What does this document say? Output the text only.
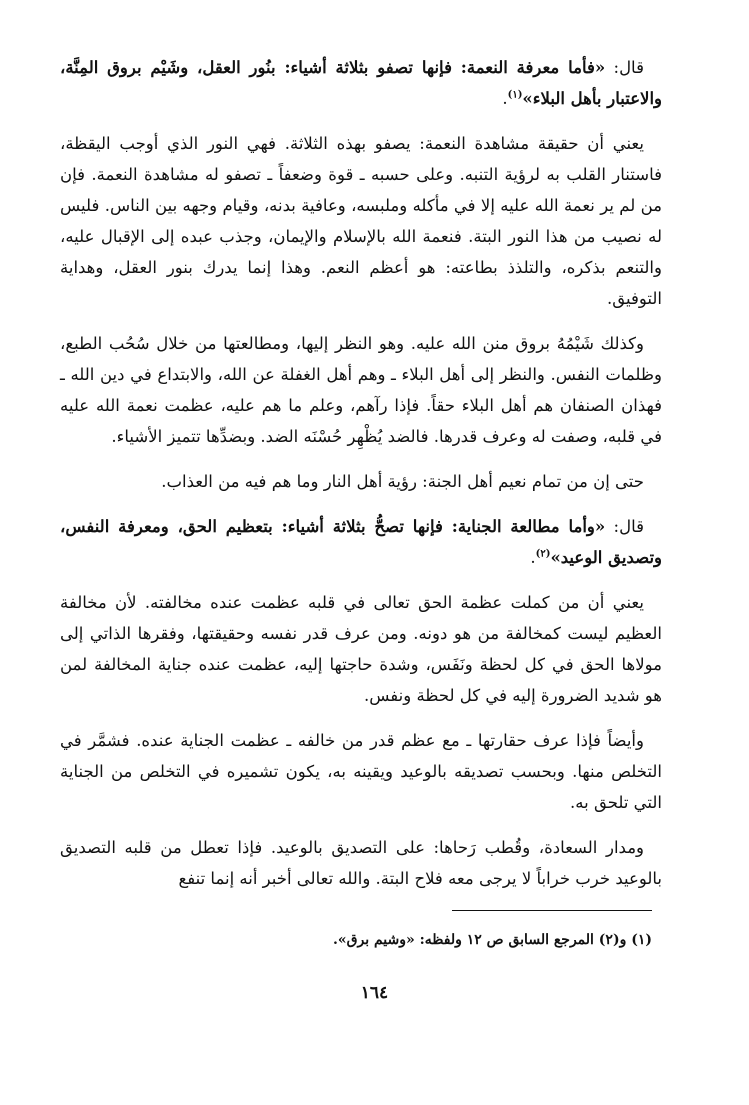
قال: «فأما معرفة النعمة: فإنها تصفو بثلاثة أشياء: بنُور العقل، وشَيْم بروق المِنَّة، والاعتبار بأهل البلاء»$^{(١)}$.

يعني أن حقيقة مشاهدة النعمة: يصفو بهذه الثلاثة. فهي النور الذي أوجب اليقظة، فاستنار القلب به لرؤية التنبه. وعلى حسبه ـ قوة وضعفاً ـ تصفو له مشاهدة النعمة. فإن من لم ير نعمة الله عليه إلا في مأكله وملبسه، وعافية بدنه، وقيام وجهه بين الناس. فليس له نصيب من هذا النور البتة. فنعمة الله بالإسلام والإيمان، وجذب عبده إلى الإقبال عليه، والتنعم بذكره، والتلذذ بطاعته: هو أعظم النعم. وهذا إنما يدرك بنور العقل، وهداية التوفيق.

وكذلك شَيْمُهُ بروق منن الله عليه. وهو النظر إليها، ومطالعتها من خلال سُحُب الطبع، وظلمات النفس. والنظر إلى أهل البلاء ـ وهم أهل الغفلة عن الله، والابتداع في دين الله ـ فهذان الصنفان هم أهل البلاء حقاً. فإذا رآهم، وعلم ما هم عليه، عظمت نعمة الله عليه في قلبه، وصفت له وعرف قدرها. فالضد يُظْهِر حُسْنَه الضد. وبضدِّها تتميز الأشياء.

حتى إن من تمام نعيم أهل الجنة: رؤية أهل النار وما هم فيه من العذاب.

قال: «وأما مطالعة الجناية: فإنها تصحُّ بثلاثة أشياء: بتعظيم الحق، ومعرفة النفس، وتصديق الوعيد»$^{(٢)}$.

يعني أن من كملت عظمة الحق تعالى في قلبه عظمت عنده مخالفته. لأن مخالفة العظيم ليست كمخالفة من هو دونه. ومن عرف قدر نفسه وحقيقتها، وفقرها الذاتي إلى مولاها الحق في كل لحظة ونَفَس، وشدة حاجتها إليه، عظمت عنده جناية المخالفة لمن هو شديد الضرورة إليه في كل لحظة ونفس.

وأيضاً فإذا عرف حقارتها ـ مع عظم قدر من خالفه ـ عظمت الجناية عنده. فشمَّر في التخلص منها. وبحسب تصديقه بالوعيد ويقينه به، يكون تشميره في التخلص من الجناية التي تلحق به.

ومدار السعادة، وقُطب رَحاها: على التصديق بالوعيد. فإذا تعطل من قلبه التصديق بالوعيد خرب خراباً لا يرجى معه فلاح البتة. والله تعالى أخبر أنه إنما تنفع

(١) و(٢) المرجع السابق ص ١٢ ولفظه: «وشيم برق».
١٦٤
